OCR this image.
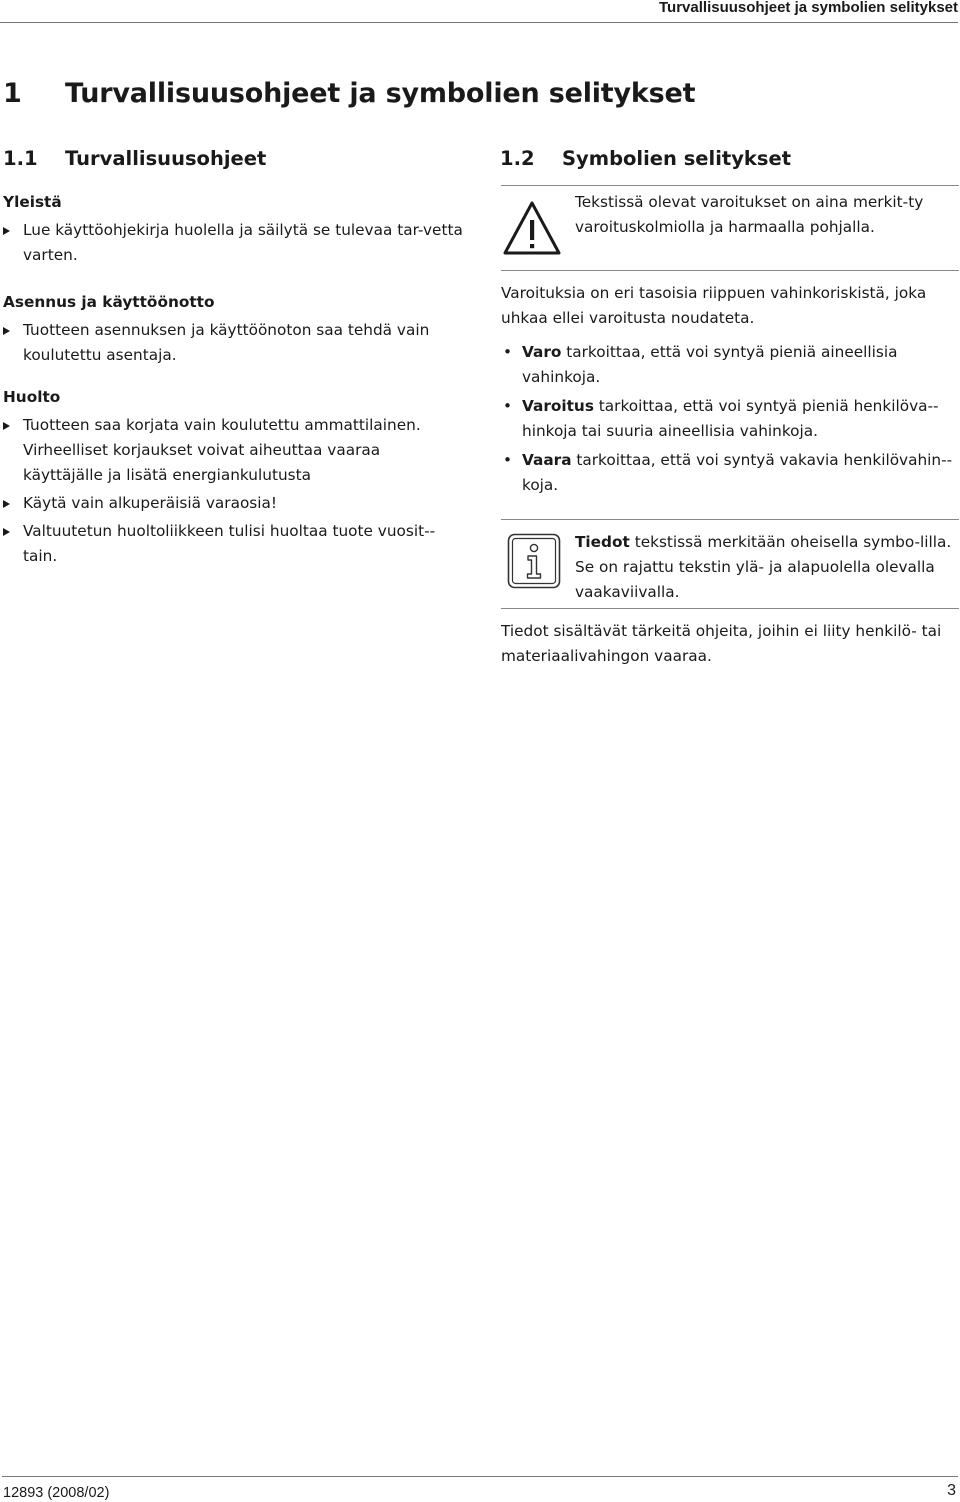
Turvallisuusohjeet ja symbolien selitykset
1 Turvallisuusohjeet ja symbolien selitykset
1.1 Turvallisuusohjeet	1.2 Symbolien selitykset
Yleistä
Lue käyttöohjekirja huolella ja säilytä se tulevaa tar-vetta varten.
Asennus ja käyttöönotto
Tuotteen asennuksen ja käyttöönoton saa tehdä vain koulutettu asentaja.
Huolto
Tuotteen saa korjata vain koulutettu ammattilainen. Virheelliset korjaukset voivat aiheuttaa vaaraa käyttäjälle ja lisätä energiankulutusta
Käytä vain alkuperäisiä varaosia!
Valtuutetun huoltoliikkeen tulisi huoltaa tuote vuosit-tain.
Tekstissä olevat varoitukset on aina merkit-ty varoituskolmiolla ja harmaalla pohjalla.
Varoituksia on eri tasoisia riippuen vahinkoriskistä, joka uhkaa ellei varoitusta noudateta.
• Varo tarkoittaa, että voi syntyä pieniä aineellisia vahinkoja.
• Varoitus tarkoittaa, että voi syntyä pieniä henkilöva-hinkoja tai suuria aineellisia vahinkoja.
• Vaara tarkoittaa, että voi syntyä vakavia henkilövahin-koja.
Tiedot tekstissä merkitään oheisella symbo-lilla. Se on rajattu tekstin ylä- ja alapuolella olevalla vaakaviivalla.
Tiedot sisältävät tärkeitä ohjeita, joihin ei liity henkilö- tai materiaalivahingon vaaraa.
12893 (2008/02)	3
